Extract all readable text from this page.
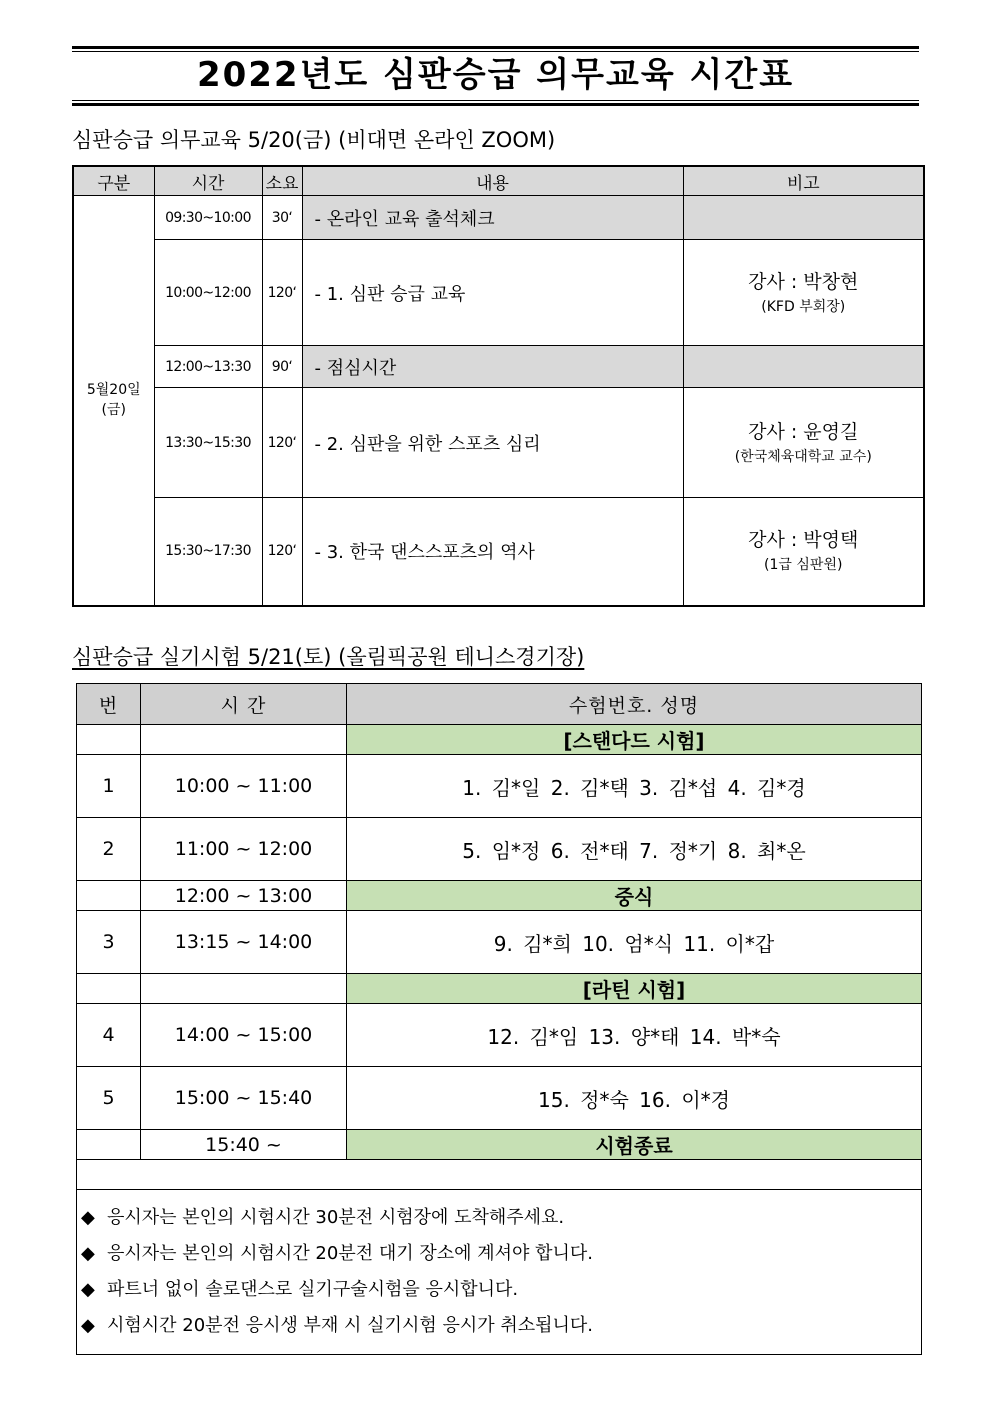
2022년도 심판승급 의무교육 시간표
심판승급 의무교육 5/20(금) (비대면 온라인 ZOOM)
구분	시간	소요	내용	비고

5월20일
(금)	09:30~10:00	30‘	- 온라인 교육 출석체크	
	10:00~12:00	120‘	- 1. 심판 승급 교육	강사 : 박창현
(KFD 부회장)

	12:00~13:30	90‘	- 점심시간	
	13:30~15:30	120‘	- 2. 심판을 위한 스포츠 심리	강사 : 윤영길
(한국체육대학교 교수)

	15:30~17:30	120‘	- 3. 한국 댄스스포츠의 역사	강사 : 박영택
(1급 심판원)
심판승급 실기시험 5/21(토) (올림픽공원 테니스경기장)
번	시 간	수험번호. 성명
		[스탠다드 시험]
1	10:00 ~ 11:00	1. 김*일 2. 김*택 3. 김*섭 4. 김*경
2	11:00 ~ 12:00	5. 임*정 6. 전*태 7. 정*기 8. 최*온
	12:00 ~ 13:00	중식
3	13:15 ~ 14:00	9. 김*희 10. 엄*식 11. 이*갑
		[라틴 시험]
4	14:00 ~ 15:00	12. 김*임 13. 양*태 14. 박*숙
5	15:00 ~ 15:40	15. 정*숙 16. 이*경
	15:40 ~	시험종료

◆ 응시자는 본인의 시험시간 30분전 시험장에 도착해주세요.
◆ 응시자는 본인의 시험시간 20분전 대기 장소에 계셔야 합니다.
◆ 파트너 없이 솔로댄스로 실기구술시험을 응시합니다.
◆ 시험시간 20분전 응시생 부재 시 실기시험 응시가 취소됩니다.		
